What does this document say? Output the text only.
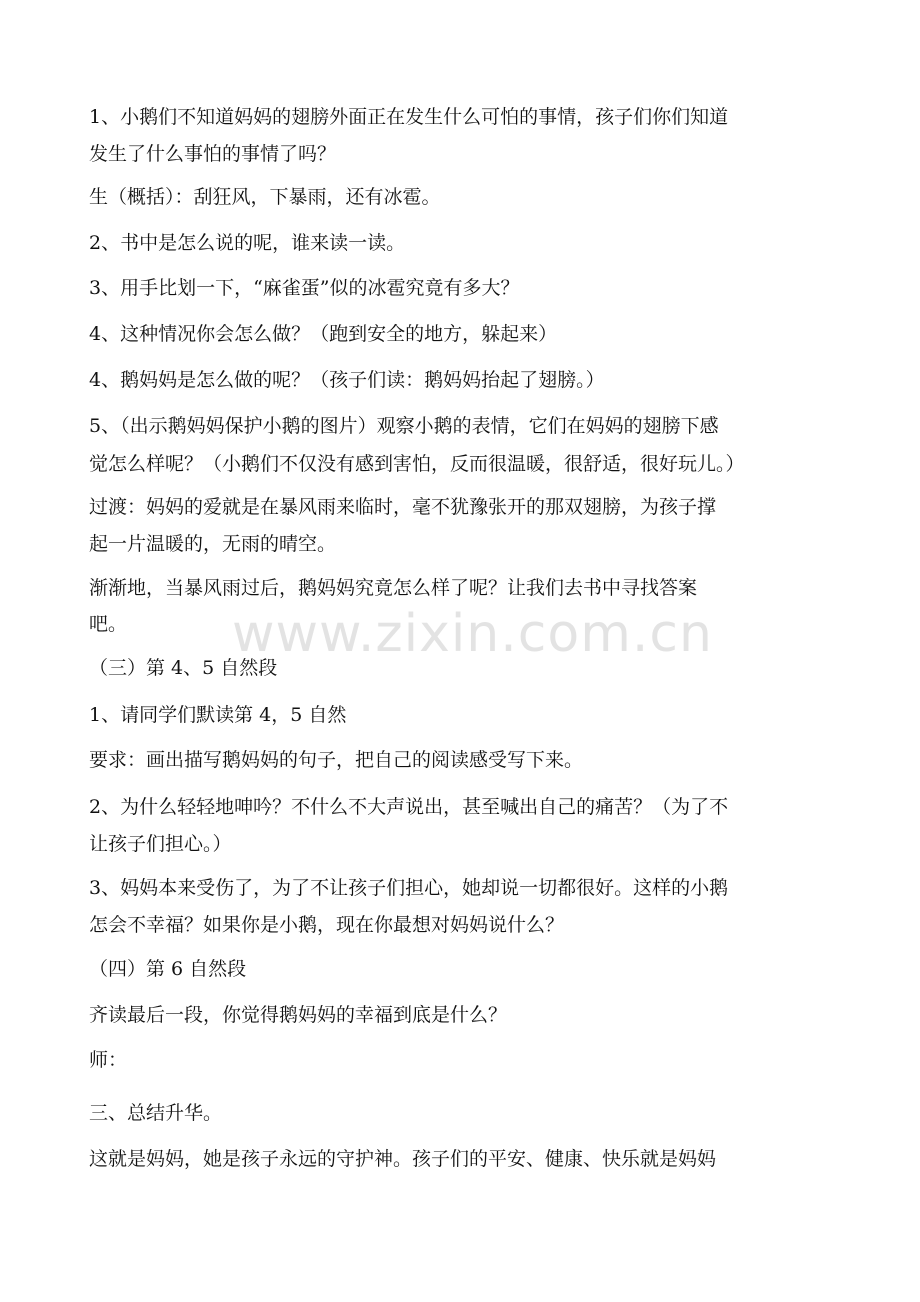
www.zixin.com.cn

1、小鹅们不知道妈妈的翅膀外面正在发生什么可怕的事情，孩子们你们知道

发生了什么事怕的事情了吗？

生（概括）：刮狂风，下暴雨，还有冰雹。

2、书中是怎么说的呢，谁来读一读。

3、用手比划一下，“麻雀蛋”似的冰雹究竟有多大？

4、这种情况你会怎么做？（跑到安全的地方，躲起来）

4、鹅妈妈是怎么做的呢？（孩子们读：鹅妈妈抬起了翅膀。）

5、（出示鹅妈妈保护小鹅的图片）观察小鹅的表情，它们在妈妈的翅膀下感

觉怎么样呢？（小鹅们不仅没有感到害怕，反而很温暖，很舒适，很好玩儿。）

过渡：妈妈的爱就是在暴风雨来临时，毫不犹豫张开的那双翅膀，为孩子撑

起一片温暖的，无雨的晴空。

渐渐地，当暴风雨过后，鹅妈妈究竟怎么样了呢？让我们去书中寻找答案

吧。

（三）第 4、5 自然段

1、请同学们默读第 4，5 自然

要求：画出描写鹅妈妈的句子，把自己的阅读感受写下来。

2、为什么轻轻地呻吟？不什么不大声说出，甚至喊出自己的痛苦？（为了不

让孩子们担心。）

3、妈妈本来受伤了，为了不让孩子们担心，她却说一切都很好。这样的小鹅

怎会不幸福？如果你是小鹅，现在你最想对妈妈说什么？

（四）第 6 自然段

齐读最后一段，你觉得鹅妈妈的幸福到底是什么？

师：

三、总结升华。

这就是妈妈，她是孩子永远的守护神。孩子们的平安、健康、快乐就是妈妈
